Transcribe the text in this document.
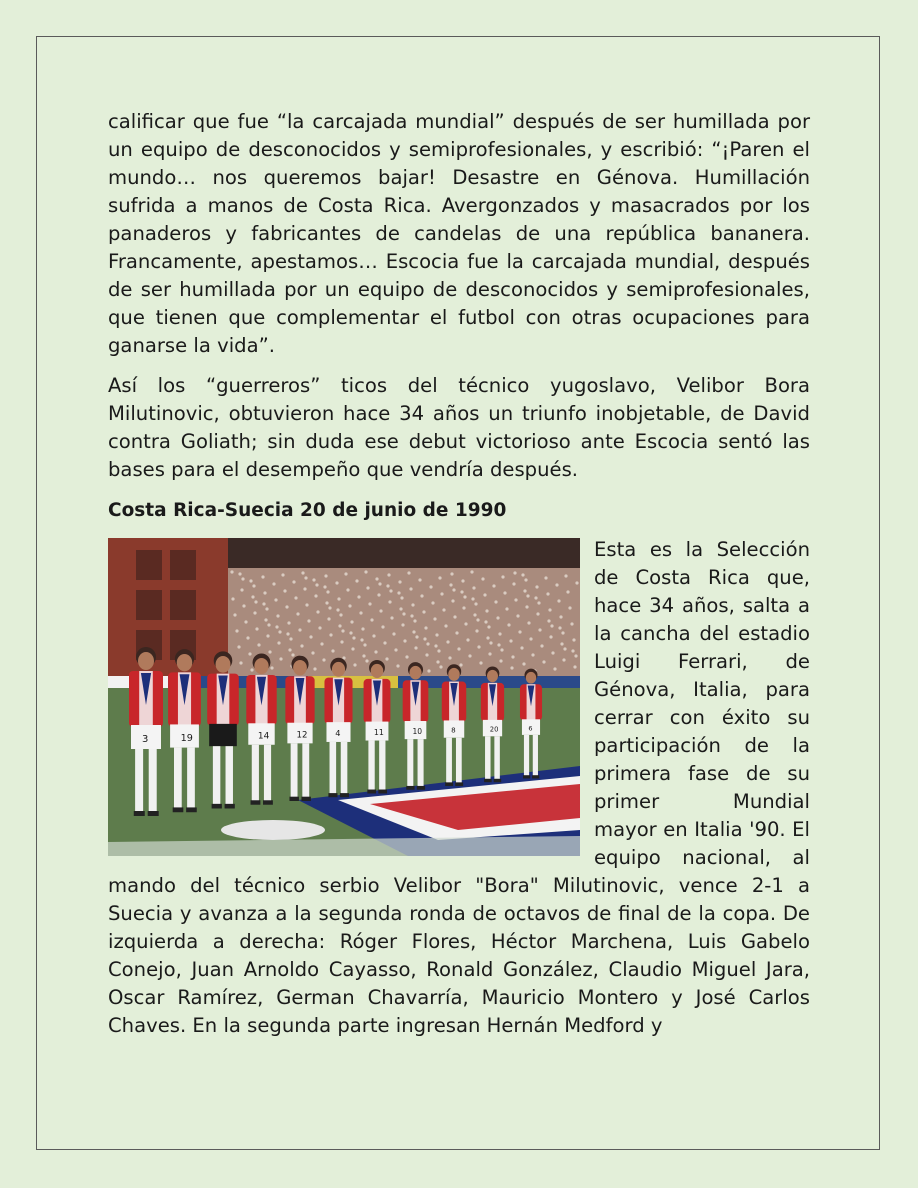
calificar que fue “la carcajada mundial” después de ser humillada por un equipo de desconocidos y semiprofesionales, y escribió: “¡Paren el mundo… nos queremos bajar! Desastre en Génova. Humillación sufrida a manos de Costa Rica. Avergonzados y masacrados por los panaderos y fabricantes de candelas de una república bananera. Francamente, apestamos… Escocia fue la carcajada mundial, después de ser humillada por un equipo de desconocidos y semiprofesionales, que tienen que complementar el futbol con otras ocupaciones para ganarse la vida”.

Así los “guerreros” ticos del técnico yugoslavo, Velibor Bora Milutinovic, obtuvieron hace 34 años un triunfo inobjetable, de David contra Goliath; sin duda ese debut victorioso ante Escocia sentó las bases para el desempeño que vendría después.

Costa Rica-Suecia 20 de junio de 1990
3	19	14	12	4	11	10	8	20	6

Esta es la Selección de Costa Rica que, hace 34 años, salta a la cancha del estadio Luigi Ferrari, de Génova, Italia, para cerrar con éxito su participación de la primera fase de su primer Mundial mayor en Italia '90. El equipo nacional, al mando del técnico serbio Velibor "Bora" Milutinovic, vence 2-1 a Suecia y avanza a la segunda ronda de octavos de final de la copa. De izquierda a derecha: Róger Flores, Héctor Marchena, Luis Gabelo Conejo, Juan Arnoldo Cayasso, Ronald González, Claudio Miguel Jara, Oscar Ramírez, German Chavarría, Mauricio Montero y José Carlos Chaves. En la segunda parte ingresan Hernán Medford y
